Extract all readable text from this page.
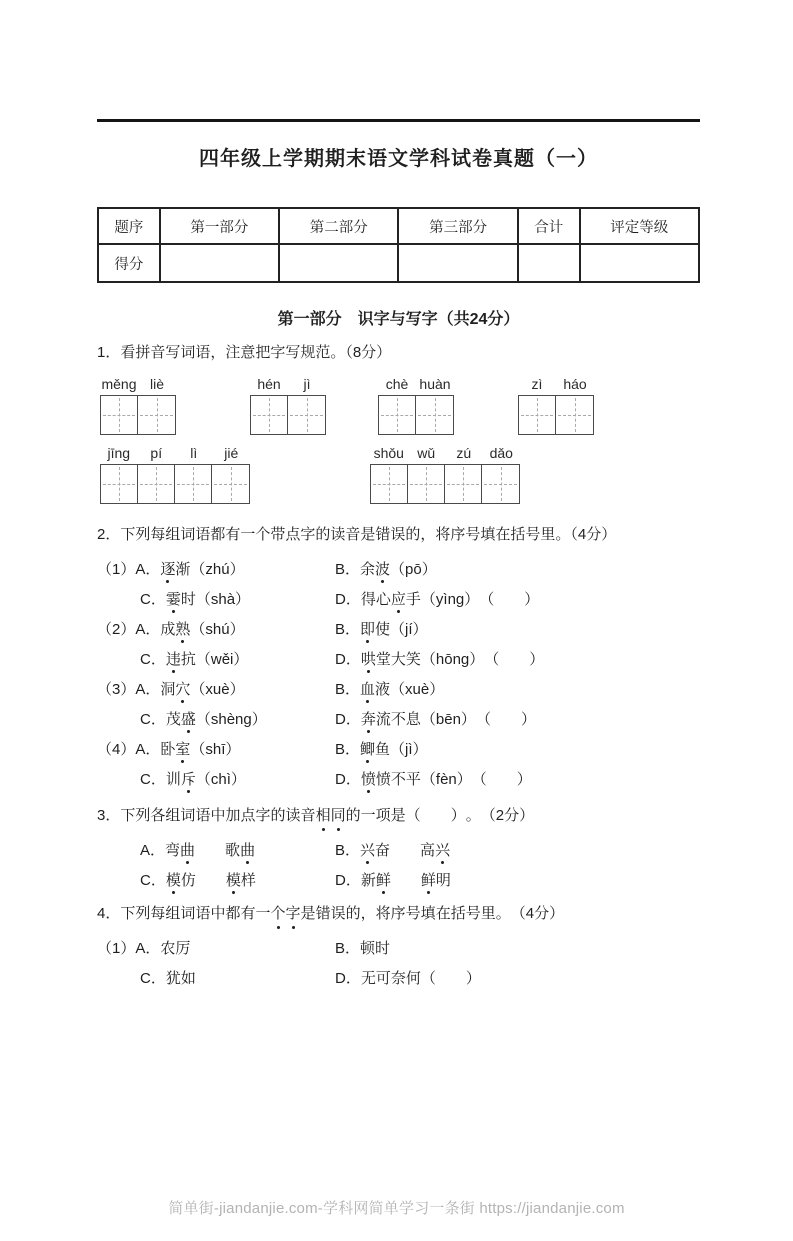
四年级上学期期末语文学科试卷真题（一）
题序	第一部分	第二部分	第三部分	合计	评定等级
得分					
第一部分　识字与写字（共24分）
1．看拼音写词语，注意把字写规范。（8分）
měng liè	hén	jì	chè huàn	zì	háo
jīng	pí	lì	jié	shǒu wǔ	zú	dǎo
2．下列每组词语都有一个带点字的读音是错误的，将序号填在括号里。（4分）
（1） A． 逐渐 （zhú）	B． 余波 （pō）
C． 霎时 （shà）	D． 得心应手 （yìng） （　　）
（2） A． 成熟 （shú）	B． 即使 （jí）
C． 违抗 （wěi）	D． 哄堂大笑 （hōng） （　　）
（3） A． 洞穴 （xuè）	B． 血液 （xuè）
C． 茂盛 （shèng）	D． 奔流不息 （bēn） （　　）
（4） A． 卧室 （shī）	B． 鲫鱼 （jì）
C． 训斥 （chì）	D． 愤愤不平 （fèn） （　　）
3．下列各组词语中加点字的读音相同的一项是（　　 ）。（2分）
A． 弯曲 歌曲	B． 兴奋 高兴
C． 模仿 模样	D． 新鲜 鲜明
4．下列每组词语中都有一个字是错误的，将序号填在括号里。（4分）
（1） A． 农厉	B． 顿时
C． 犹如	D． 无可奈何 （　　）
简单街-jiandanjie.com-学科网简单学习一条街 https://jiandanjie.com
